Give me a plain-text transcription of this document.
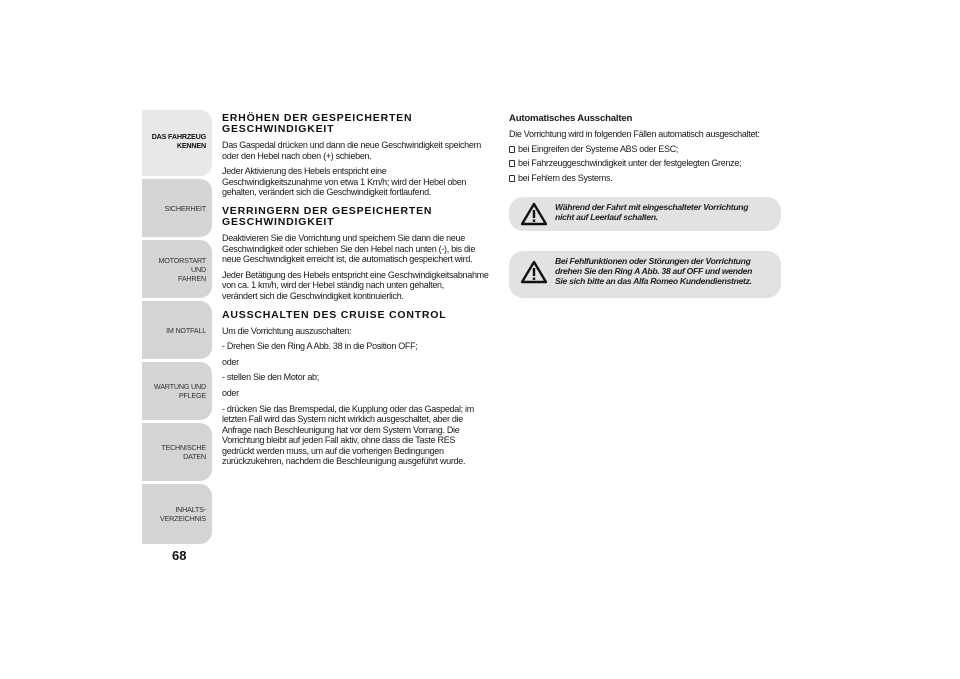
DAS FAHRZEUG
KENNEN
SICHERHEIT
MOTORSTART UND
FAHREN
IM NOTFALL
WARTUNG UND
PFLEGE
TECHNISCHE DATEN
INHALTS-
VERZEICHNIS
68
ERHÖHEN DER GESPEICHERTEN
GESCHWINDIGKEIT

Das Gaspedal drücken und dann die neue Geschwindigkeit speichern
oder den Hebel nach oben (+) schieben.

Jeder Aktivierung des Hebels entspricht eine
Geschwindigkeitszunahme von etwa 1 Km/h; wird der Hebel oben
gehalten, verändert sich die Geschwindigkeit fortlaufend.

VERRINGERN DER GESPEICHERTEN
GESCHWINDIGKEIT

Deaktivieren Sie die Vorrichtung und speichern Sie dann die neue
Geschwindigkeit oder schieben Sie den Hebel nach unten (-), bis die
neue Geschwindigkeit erreicht ist, die automatisch gespeichert wird.

Jeder Betätigung des Hebels entspricht eine Geschwindigkeitsabnahme
von ca. 1 km/h, wird der Hebel ständig nach unten gehalten,
verändert sich die Geschwindigkeit kontinuierlich.

AUSSCHALTEN DES CRUISE CONTROL

Um die Vorrichtung auszuschalten:

- Drehen Sie den Ring A Abb. 38 in die Position OFF;

oder

- stellen Sie den Motor ab;

oder

- drücken Sie das Bremspedal, die Kupplung oder das Gaspedal; im
letzten Fall wird das System nicht wirklich ausgeschaltet, aber die
Anfrage nach Beschleunigung hat vor dem System Vorrang. Die
Vorrichtung bleibt auf jeden Fall aktiv, ohne dass die Taste RES
gedrückt werden muss, um auf die vorherigen Bedingungen
zurückzukehren, nachdem die Beschleunigung ausgeführt wurde.

Automatisches Ausschalten

Die Vorrichtung wird in folgenden Fällen automatisch ausgeschaltet:

bei Eingreifen der Systeme ABS oder ESC;
bei Fahrzeuggeschwindigkeit unter der festgelegten Grenze;
bei Fehlern des Systems.
Während der Fahrt mit eingeschalteter Vorrichtung
nicht auf Leerlauf schalten.
Bei Fehlfunktionen oder Störungen der Vorrichtung
drehen Sie den Ring A Abb. 38 auf OFF und wenden
Sie sich bitte an das Alfa Romeo Kundendienstnetz.
